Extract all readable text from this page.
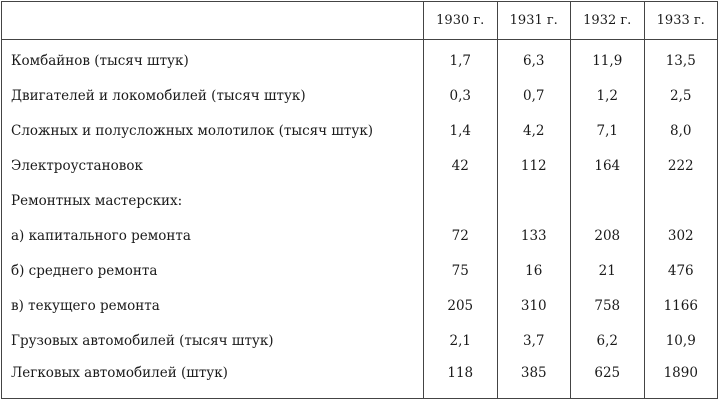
	1930 г.	1931 г.	1932 г.	1933 г.
Комбайнов (тысяч штук)	1,7	6,3	11,9	13,5
Двигателей и локомобилей (тысяч штук)	0,3	0,7	1,2	2,5
Сложных и полусложных молотилок (тысяч штук)	1,4	4,2	7,1	8,0
Электроустановок	42	112	164	222
Ремонтных мастерских:				
а) капитального ремонта	72	133	208	302
б) среднего ремонта	75	16	21	476
в) текущего ремонта	205	310	758	1166
Грузовых автомобилей (тысяч штук)	2,1	3,7	6,2	10,9
Легковых автомобилей (штук)	118	385	625	1890
